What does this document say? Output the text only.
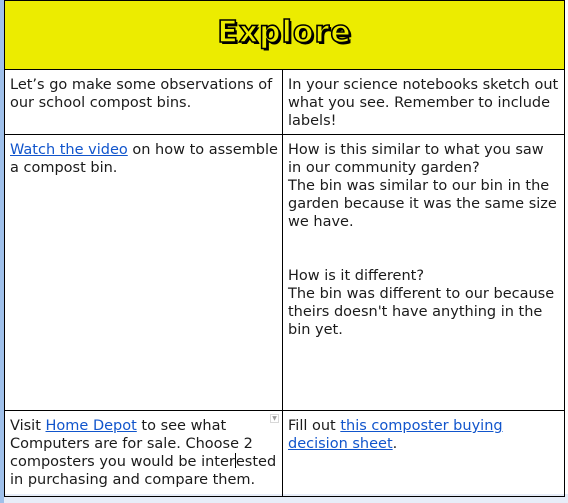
Explore	
Let’s go make some observations of our school compost bins.	In your science notebooks sketch out what you see. Remember to include labels!
Watch the video on how to assemble a compost bin.	How is this similar to what you saw in our community garden?
The bin was similar to our bin in the garden because it was the same size we have.
How is it different?
The bin was different to our because theirs doesn't have anything in the bin yet.

▼
Visit Home Depot to see what Computers are for sale. Choose 2 composters you would be interested in purchasing and compare them.	Fill out this composter buying decision sheet.
